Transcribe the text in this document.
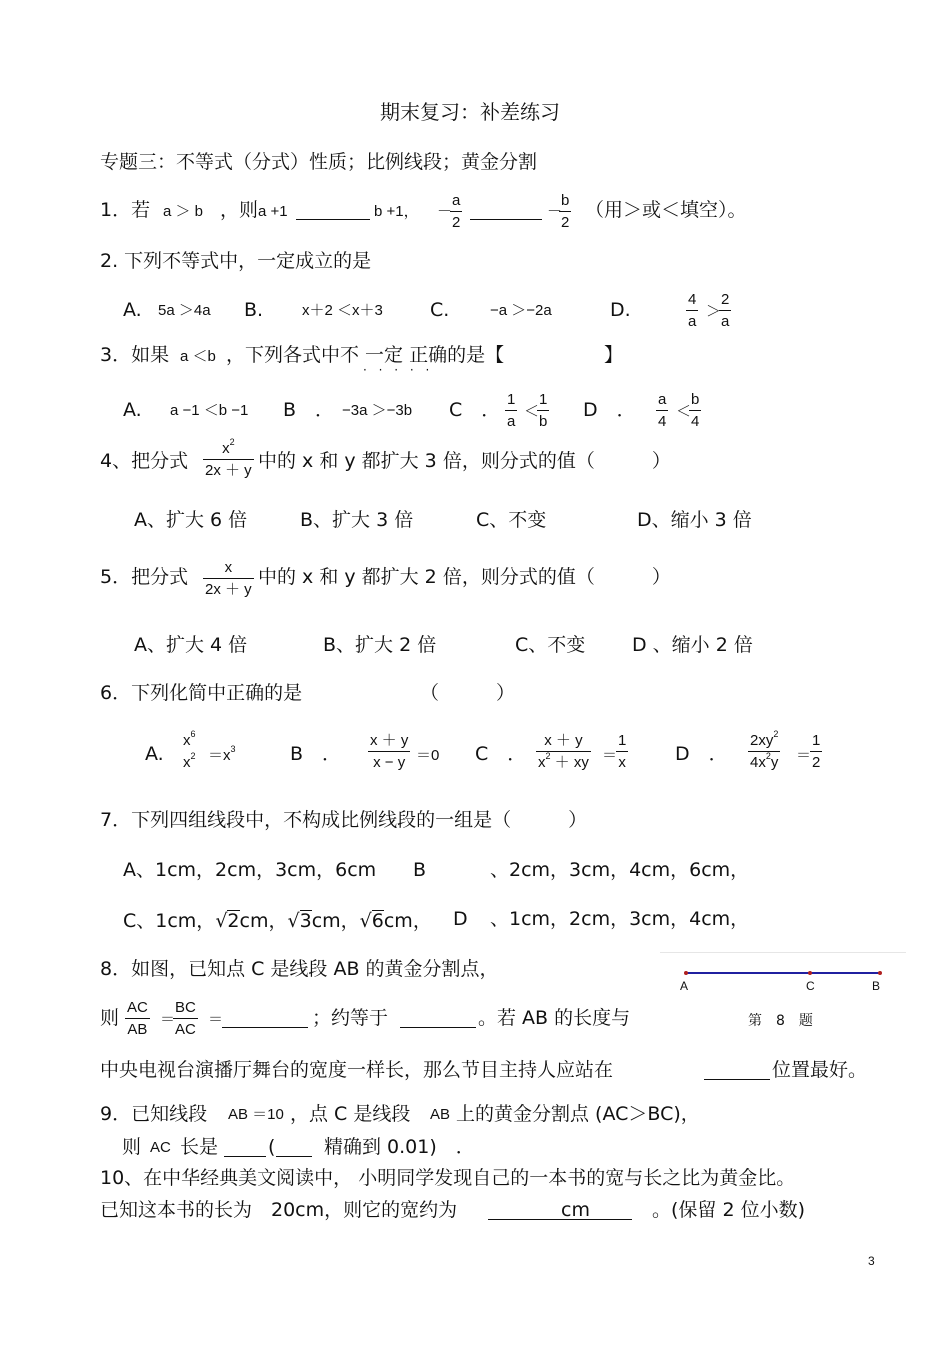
期末复习：补差练习
专题三：不等式（分式）性质；比例线段；黄金分割
1．若 a ＞ b ，则 a +1	b +1， －
$\frac{a}{2}$	－
$\frac{b}{2}$ （用＞或＜填空）。
2. 下列不等式中，一定成立的是
A. 5a ＞4a B.	x＋2 ＜x＋3 C.	−a ＞−2a	D.	$\frac{4}{a}$ ＞
$\frac{2}{a}$
3．如果 a ＜b ，下列各式中不 一定 正确的是【	】
· · · · ·
A. a −1 ＜b −1 B　． −3a ＞−3b C　． $\frac{1}{a}$ ＜
$\frac{1}{b}$ D　． $\frac{a}{4}$ ＜
$\frac{b}{4}$
4、把分式 $\frac{x^2}{2x + y}$ 中的 x 和 y 都扩大 3 倍，则分式的值（　　　）
A、扩大 6 倍	B、扩大 3 倍	C、不变	D、缩小 3 倍
5．把分式 $\frac{x}{2x + y}$ 中的 x 和 y 都扩大 2 倍，则分式的值（　　　）
A、扩大 4 倍	B、扩大 2 倍	C、不变 D 、缩小 2 倍
6．下列化简中正确的是	（　　　）
A.
$x^6$
$x^2 =x^3$	B　． $\frac{x + y}{x - y} =0$ C　． $\frac{x + y}{x^2 + xy}$ ＝
$\frac{1}{x}$ D　． $\frac{2xy^2}{4x^2y}$ ＝
$\frac{1}{2}$
7．下列四组线段中，不构成比例线段的一组是（　　　）
A、1cm，2cm，3cm，6cm B	、2cm，3cm，4cm，6cm，
C、1cm，√2cm，√3cm，√6cm， D 、1cm，2cm，3cm，4cm，
8．如图，已知点 C 是线段 AB 的黄金分割点，
则 $\frac{AC}{AB}$ ＝
$\frac{BC}{AC}$ ＝	；约等于	。若 AB 的长度与
中央电视台演播厅舞台的宽度一样长，那么节目主持人应站在	位置最好。
A	C	B
第　8　题
9．已知线段 AB ＝10 ，点 C 是线段 AB 上的黄金分割点 (AC＞BC)，
则 AC 长是	(	精确到 0.01)　．
10、在中华经典美文阅读中， 小明同学发现自己的一本书的宽与长之比为黄金比。
已知这本书的长为　20cm，则它的宽约为	cm	。(保留 2 位小数)
3
